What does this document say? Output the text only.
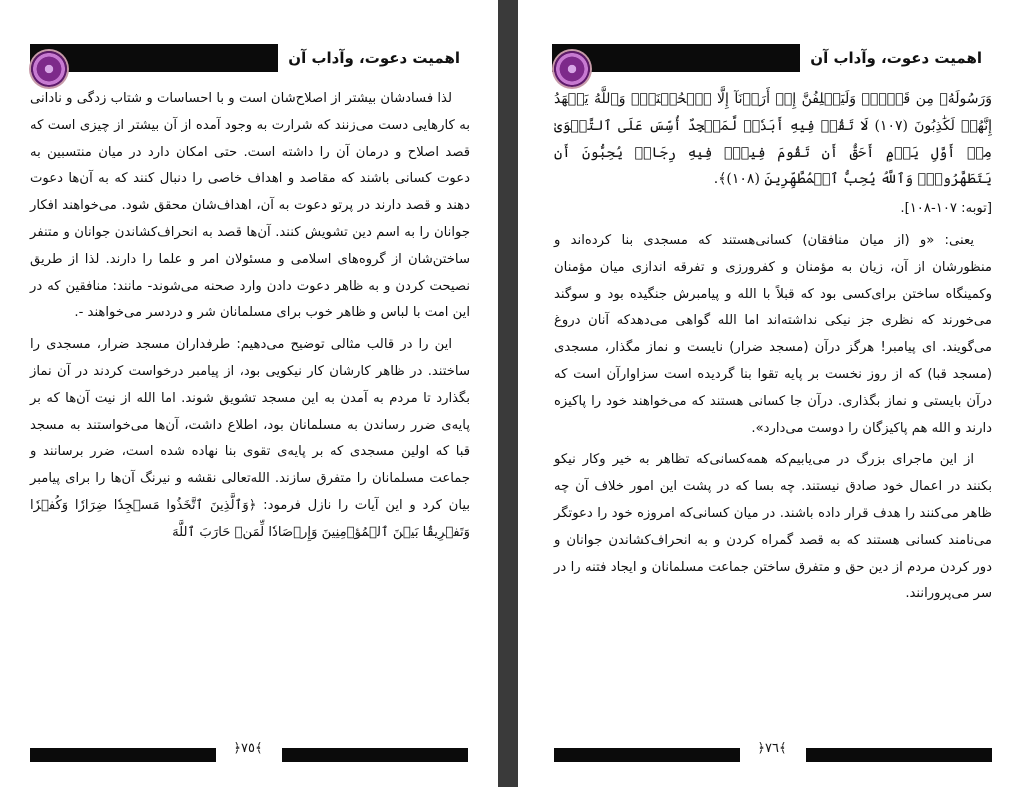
اهمیت دعوت، وآداب آن

لذا فسادشان بیشتر از اصلاح‌شان است و با احساسات و شتاب زدگی و نادانی به کارهایی دست می‌زنند که شرارت به وجود آمده از آن بیشتر از چیزی است که قصد اصلاح و درمان آن را داشته است. حتی امکان دارد در میان منتسبین به دعوت کسانی باشند که مقاصد و اهداف خاصی را دنبال کنند که به آن‌ها دعوت دهند و قصد دارند در پرتو دعوت به آن، اهداف‌شان محقق شود. می‌خواهند افکار جوانان را به اسم دین تشویش کنند. آن‌ها قصد به انحراف‌کشاندن جوانان و متنفر ساختن‌شان از گروه‌های اسلامی و مسئولان امر و علما را دارند. لذا از طریق نصیحت کردن و به ظاهر دعوت دادن وارد صحنه می‌شوند- مانند: منافقین که در این امت با لباس و ظاهر خوب برای مسلمانان شر و دردسر می‌خواهند -.

این را در قالب مثالی توضیح می‌دهیم: طرفداران مسجد ضرار، مسجدی را ساختند. در ظاهر کارشان کار نیکویی بود، از پیامبر درخواست کردند در آن نماز بگذارد تا مردم به آمدن به این مسجد تشویق شوند. اما الله از نیت آن‌ها که بر پایه‌ی ضرر رساندن به مسلمانان بود، اطلاع داشت، آن‌ها می‌خواستند به مسجد قبا که اولین مسجدی که بر پایه‌ی تقوی بنا نهاده شده است، ضرر برسانند و جماعت مسلمانان را متفرق سازند. الله‌تعالی نقشه و نیرنگ آن‌ها را برای پیامبر بیان کرد و این آیات را نازل فرمود: ﴿وَٱلَّذِينَ ٱتَّخَذُوا مَسۡجِدٗا ضِرَارٗا وَكُفۡرٗا وَتَفۡرِيقَۢا بَيۡنَ ٱلۡمُؤۡمِنِينَ وَإِرۡصَادٗا لِّمَنۡ حَارَبَ ٱللَّهَ

﴿٧٥﴾
اهمیت دعوت، وآداب آن

وَرَسُولَهُۥ مِن قَبۡلُۚ وَلَيَحۡلِفُنَّ إِنۡ أَرَدۡنَآ إِلَّا ٱلۡحُسۡنَىٰۖ وَٱللَّهُ يَشۡهَدُ إِنَّهُمۡ لَكَٰذِبُونَ (١٠٧) لَا تَقُمۡ فِيهِ أَبَدٗاۚ لَّمَسۡجِدٌ أُسِّسَ عَلَى ٱلتَّقۡوَىٰ مِنۡ أَوَّلِ يَوۡمٍ أَحَقُّ أَن تَقُومَ فِيهِۚ فِيهِ رِجَالٞ يُحِبُّونَ أَن يَتَطَهَّرُواْۚ وَٱللَّهُ يُحِبُّ ٱلۡمُطَّهِّرِينَ (١٠٨)﴾.

[توبه: ١٠٧-١٠٨].

یعنی: «و (از میان منافقان) کسانی‌هستند که مسجدی بنا کرده‌اند و منظورشان از آن، زیان به مؤمنان و کفرورزی و تفرقه اندازی میان مؤمنان وکمینگاه ساختن برای‌کسی بود که قبلاً با الله و پیامبرش جنگیده بود و سوگند می‌خورند که نظری جز نیکی نداشته‌اند اما الله گواهی می‌دهدکه آنان دروغ می‌گویند. ای پیامبر! هرگز درآن (مسجد ضرار) نایست و نماز مگذار، مسجدی (مسجد قبا) که از روز نخست بر پایه تقوا بنا گردیده است سزاوارآن است که درآن بایستی و نماز بگذاری. درآن جا کسانی هستند که می‌خواهند خود را پاکیزه دارند و الله هم پاکیزگان را دوست می‌دارد».

از این ماجرای بزرگ در می‌یابیم‌که همه‌کسانی‌که تظاهر به خیر وکار نیکو بکنند در اعمال خود صادق نیستند. چه بسا که در پشت این امور خلاف آن چه ظاهر می‌کنند را هدف قرار داده باشند. در میان کسانی‌که امروزه خود را دعوتگر می‌نامند کسانی هستند که به قصد گمراه کردن و به انحراف‌کشاندن جوانان و دور کردن مردم از دین حق و متفرق ساختن جماعت مسلمانان و ایجاد فتنه را در سر می‌پرورانند.

﴿٧٦﴾
